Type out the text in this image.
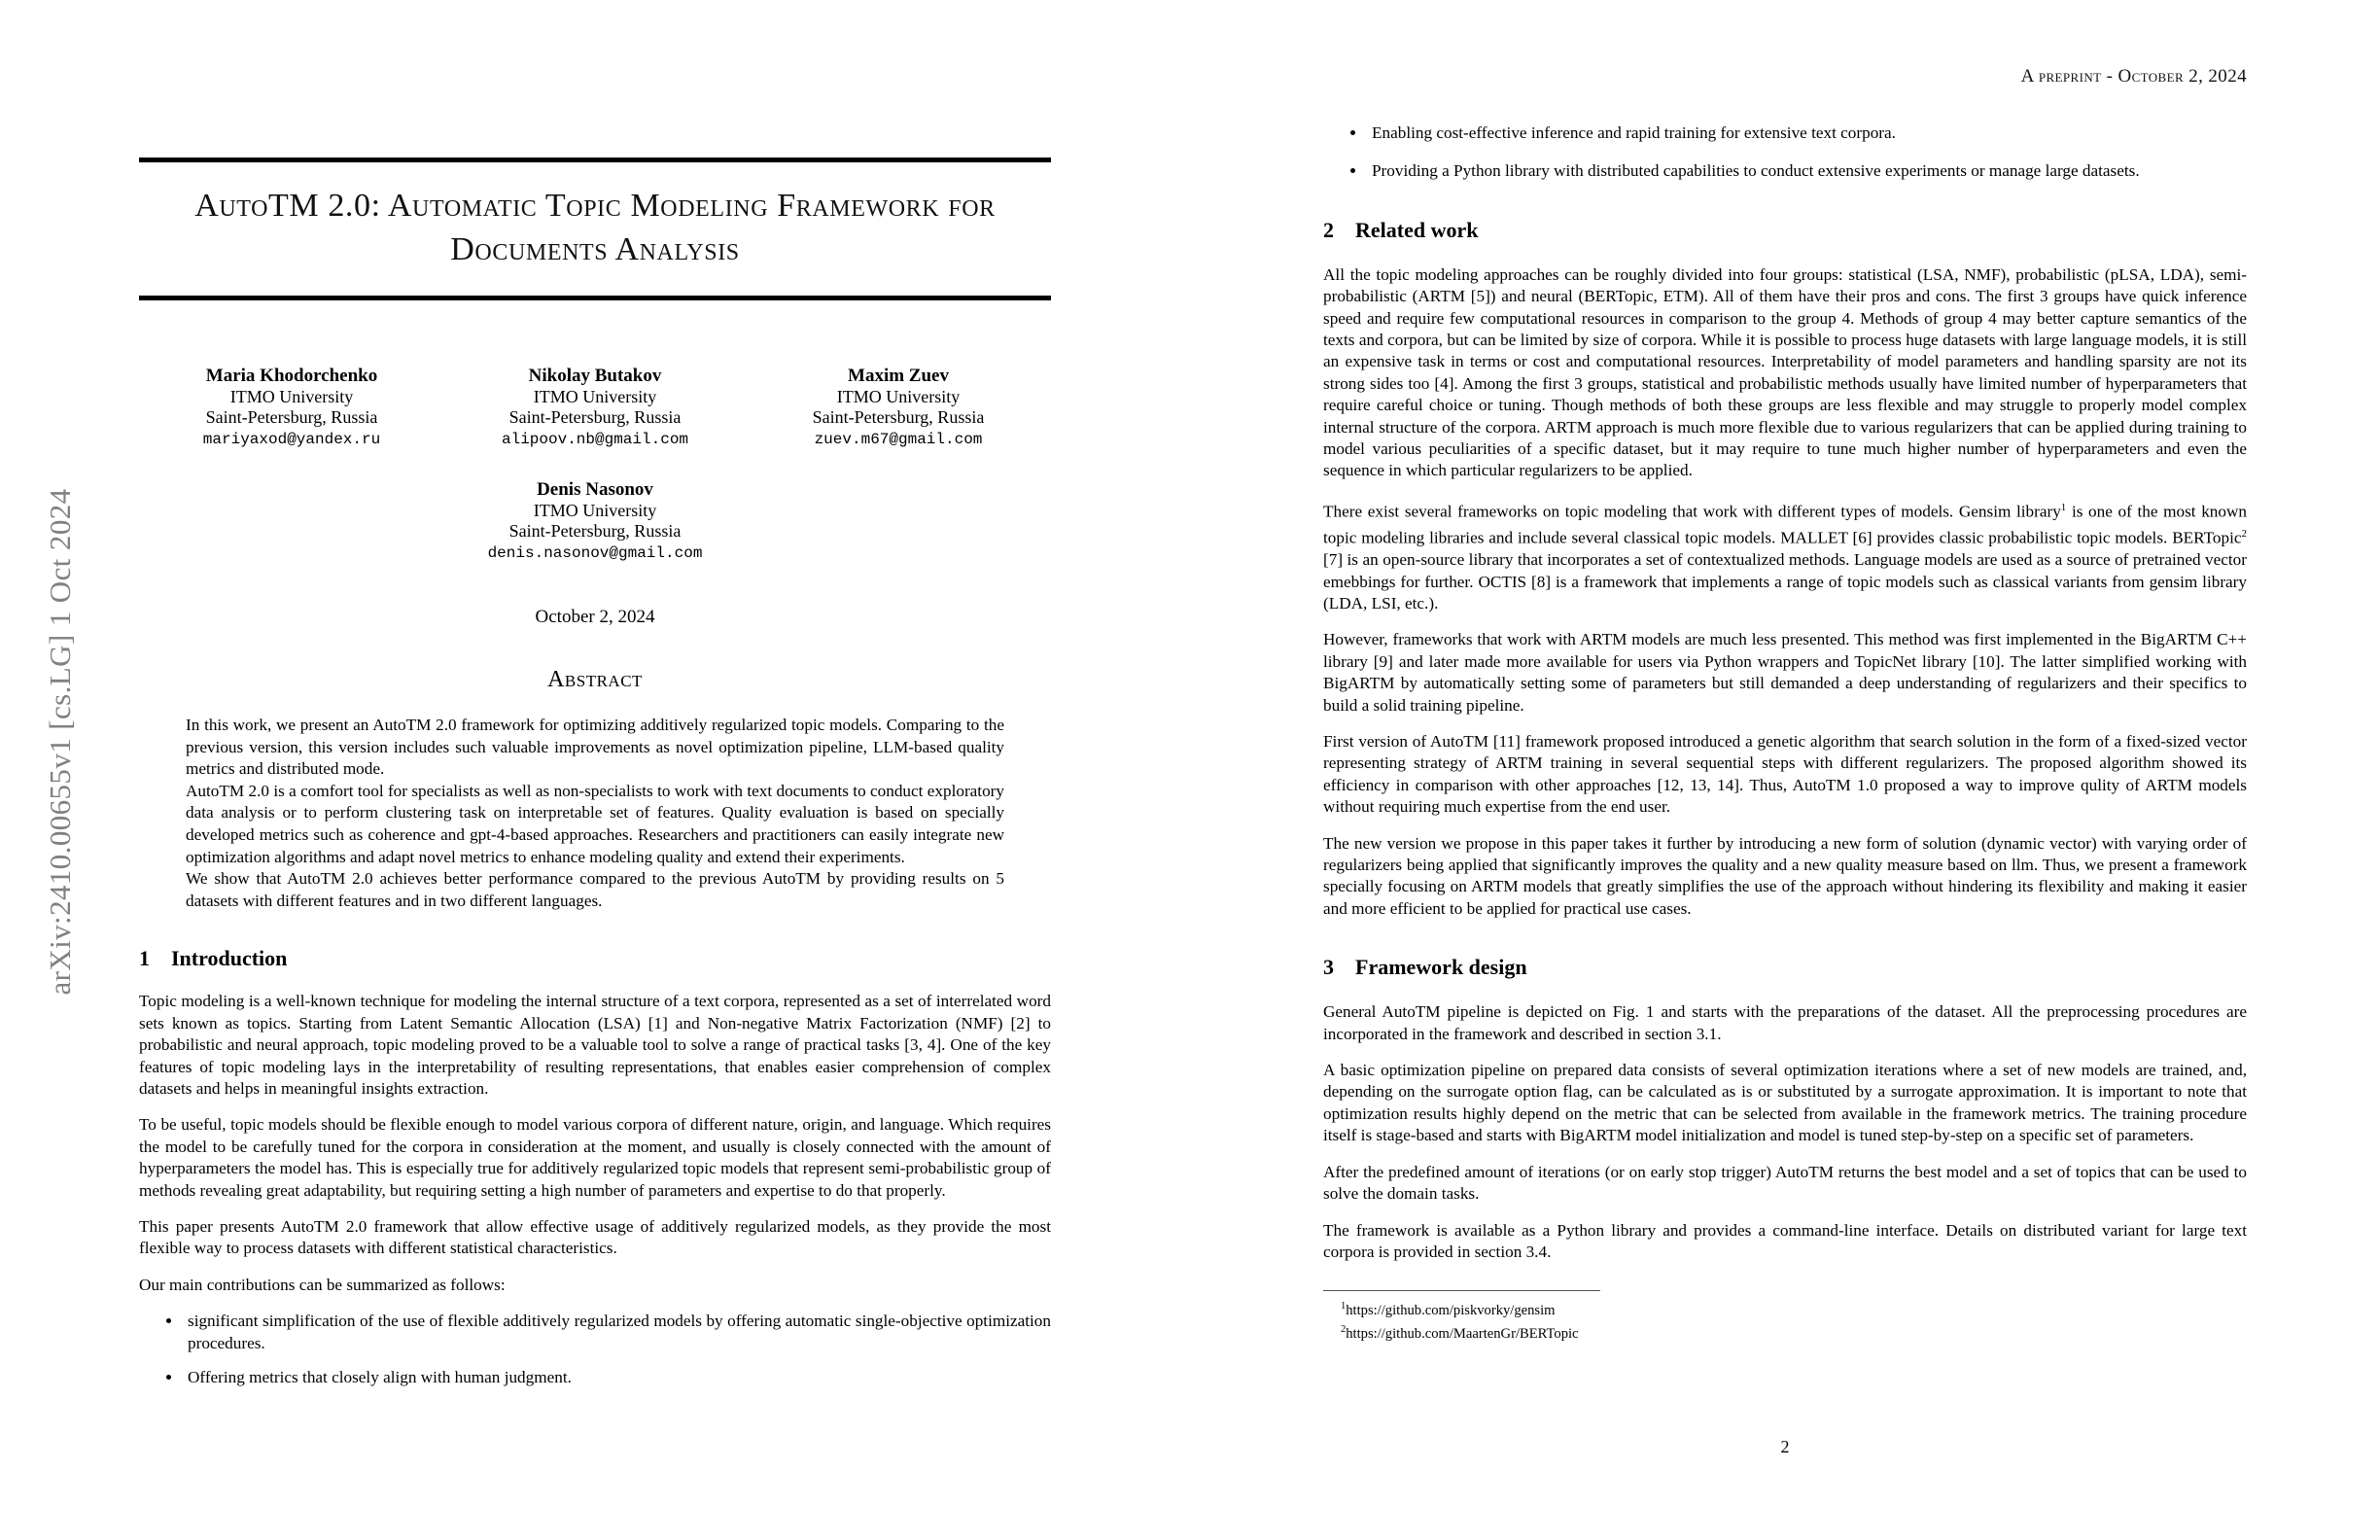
arXiv:2410.00655v1 [cs.LG] 1 Oct 2024
AutoTM 2.0: Automatic Topic Modeling Framework for Documents Analysis
Maria Khodorchenko
ITMO University
Saint-Petersburg, Russia
mariyaxod@yandex.ru
Nikolay Butakov
ITMO University
Saint-Petersburg, Russia
alipoov.nb@gmail.com
Maxim Zuev
ITMO University
Saint-Petersburg, Russia
zuev.m67@gmail.com
Denis Nasonov
ITMO University
Saint-Petersburg, Russia
denis.nasonov@gmail.com
October 2, 2024
Abstract

In this work, we present an AutoTM 2.0 framework for optimizing additively regularized topic models. Comparing to the previous version, this version includes such valuable improvements as novel optimization pipeline, LLM-based quality metrics and distributed mode.

AutoTM 2.0 is a comfort tool for specialists as well as non-specialists to work with text documents to conduct exploratory data analysis or to perform clustering task on interpretable set of features. Quality evaluation is based on specially developed metrics such as coherence and gpt-4-based approaches. Researchers and practitioners can easily integrate new optimization algorithms and adapt novel metrics to enhance modeling quality and extend their experiments.

We show that AutoTM 2.0 achieves better performance compared to the previous AutoTM by providing results on 5 datasets with different features and in two different languages.

1 Introduction

Topic modeling is a well-known technique for modeling the internal structure of a text corpora, represented as a set of interrelated word sets known as topics. Starting from Latent Semantic Allocation (LSA) [1] and Non-negative Matrix Factorization (NMF) [2] to probabilistic and neural approach, topic modeling proved to be a valuable tool to solve a range of practical tasks [3, 4]. One of the key features of topic modeling lays in the interpretability of resulting representations, that enables easier comprehension of complex datasets and helps in meaningful insights extraction.

To be useful, topic models should be flexible enough to model various corpora of different nature, origin, and language. Which requires the model to be carefully tuned for the corpora in consideration at the moment, and usually is closely connected with the amount of hyperparameters the model has. This is especially true for additively regularized topic models that represent semi-probabilistic group of methods revealing great adaptability, but requiring setting a high number of parameters and expertise to do that properly.

This paper presents AutoTM 2.0 framework that allow effective usage of additively regularized models, as they provide the most flexible way to process datasets with different statistical characteristics.

Our main contributions can be summarized as follows:

• significant simplification of the use of flexible additively regularized models by offering automatic single-objective optimization procedures.
• Offering metrics that closely align with human judgment.
A preprint - October 2, 2024
• Enabling cost-effective inference and rapid training for extensive text corpora.
• Providing a Python library with distributed capabilities to conduct extensive experiments or manage large datasets.
2 Related work

All the topic modeling approaches can be roughly divided into four groups: statistical (LSA, NMF), probabilistic (pLSA, LDA), semi-probabilistic (ARTM [5]) and neural (BERTopic, ETM). All of them have their pros and cons. The first 3 groups have quick inference speed and require few computational resources in comparison to the group 4. Methods of group 4 may better capture semantics of the texts and corpora, but can be limited by size of corpora. While it is possible to process huge datasets with large language models, it is still an expensive task in terms or cost and computational resources. Interpretability of model parameters and handling sparsity are not its strong sides too [4]. Among the first 3 groups, statistical and probabilistic methods usually have limited number of hyperparameters that require careful choice or tuning. Though methods of both these groups are less flexible and may struggle to properly model complex internal structure of the corpora. ARTM approach is much more flexible due to various regularizers that can be applied during training to model various peculiarities of a specific dataset, but it may require to tune much higher number of hyperparameters and even the sequence in which particular regularizers to be applied.

There exist several frameworks on topic modeling that work with different types of models. Gensim library$^1$ is one of the most known topic modeling libraries and include several classical topic models. MALLET [6] provides classic probabilistic topic models. BERTopic$^2$ [7] is an open-source library that incorporates a set of contextualized methods. Language models are used as a source of pretrained vector emebbings for further. OCTIS [8] is a framework that implements a range of topic models such as classical variants from gensim library (LDA, LSI, etc.).

However, frameworks that work with ARTM models are much less presented. This method was first implemented in the BigARTM C++ library [9] and later made more available for users via Python wrappers and TopicNet library [10]. The latter simplified working with BigARTM by automatically setting some of parameters but still demanded a deep understanding of regularizers and their specifics to build a solid training pipeline.

First version of AutoTM [11] framework proposed introduced a genetic algorithm that search solution in the form of a fixed-sized vector representing strategy of ARTM training in several sequential steps with different regularizers. The proposed algorithm showed its efficiency in comparison with other approaches [12, 13, 14]. Thus, AutoTM 1.0 proposed a way to improve qulity of ARTM models without requiring much expertise from the end user.

The new version we propose in this paper takes it further by introducing a new form of solution (dynamic vector) with varying order of regularizers being applied that significantly improves the quality and a new quality measure based on llm. Thus, we present a framework specially focusing on ARTM models that greatly simplifies the use of the approach without hindering its flexibility and making it easier and more efficient to be applied for practical use cases.

3 Framework design

General AutoTM pipeline is depicted on Fig. 1 and starts with the preparations of the dataset. All the preprocessing procedures are incorporated in the framework and described in section 3.1.

A basic optimization pipeline on prepared data consists of several optimization iterations where a set of new models are trained, and, depending on the surrogate option flag, can be calculated as is or substituted by a surrogate approximation. It is important to note that optimization results highly depend on the metric that can be selected from available in the framework metrics. The training procedure itself is stage-based and starts with BigARTM model initialization and model is tuned step-by-step on a specific set of parameters.

After the predefined amount of iterations (or on early stop trigger) AutoTM returns the best model and a set of topics that can be used to solve the domain tasks.

The framework is available as a Python library and provides a command-line interface. Details on distributed variant for large text corpora is provided in section 3.4.

$^1$https://github.com/piskvorky/gensim
$^2$https://github.com/MaartenGr/BERTopic
2
